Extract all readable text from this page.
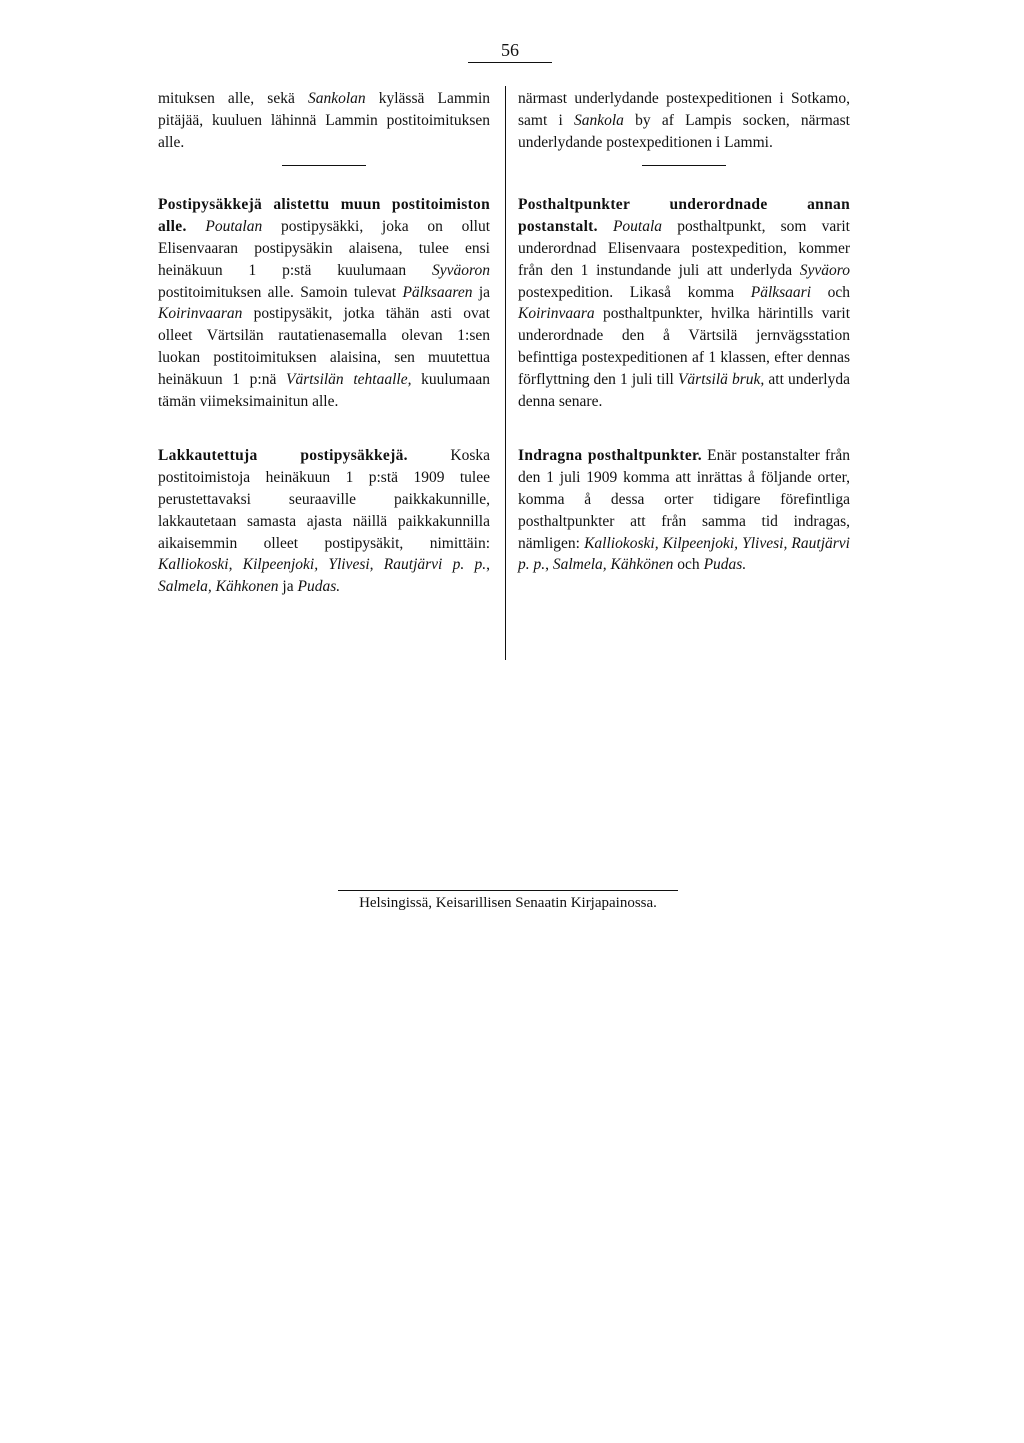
56

mituksen alle, sekä Sankolan kylässä Lammin pitäjää, kuuluen lähinnä Lammin postitoimituksen alle.

Postipysäkkejä alistettu muun postitoimiston alle. Poutalan postipysäkki, joka on ollut Elisenvaaran postipysäkin alaisena, tulee ensi heinäkuun 1 p:stä kuulumaan Syväoron postitoimituksen alle. Samoin tulevat Pälksaaren ja Koirinvaaran postipysäkit, jotka tähän asti ovat olleet Värtsilän rautatienasemalla olevan 1:sen luokan postitoimituksen alaisina, sen muutettua heinäkuun 1 p:nä Värtsilän tehtaalle, kuulumaan tämän viimeksimainitun alle.

Lakkautettuja postipysäkkejä. Koska postitoimistoja heinäkuun 1 p:stä 1909 tulee perustettavaksi seuraaville paikkakunnille, lakkautetaan samasta ajasta näillä paikkakunnilla aikaisemmin olleet postipysäkit, nimittäin: Kalliokoski, Kilpeenjoki, Ylivesi, Rautjärvi p. p., Salmela, Kähkonen ja Pudas.

närmast underlydande postexpeditionen i Sotkamo, samt i Sankola by af Lampis socken, närmast underlydande postexpeditionen i Lammi.

Posthaltpunkter underordnade annan postanstalt. Poutala posthaltpunkt, som varit underordnad Elisenvaara postexpedition, kommer från den 1 instundande juli att underlyda Syväoro postexpedition. Likaså komma Pälksaari och Koirinvaara posthaltpunkter, hvilka härintills varit underordnade den å Värtsilä jernvägsstation befinttiga postexpeditionen af 1 klassen, efter dennas förflyttning den 1 juli till Värtsilä bruk, att underlyda denna senare.

Indragna posthaltpunkter. Enär postanstalter från den 1 juli 1909 komma att inrättas å följande orter, komma å dessa orter tidigare förefintliga posthaltpunkter att från samma tid indragas, nämligen: Kalliokoski, Kilpeenjoki, Ylivesi, Rautjärvi p. p., Salmela, Kähkönen och Pudas.

Helsingissä, Keisarillisen Senaatin Kirjapainossa.
